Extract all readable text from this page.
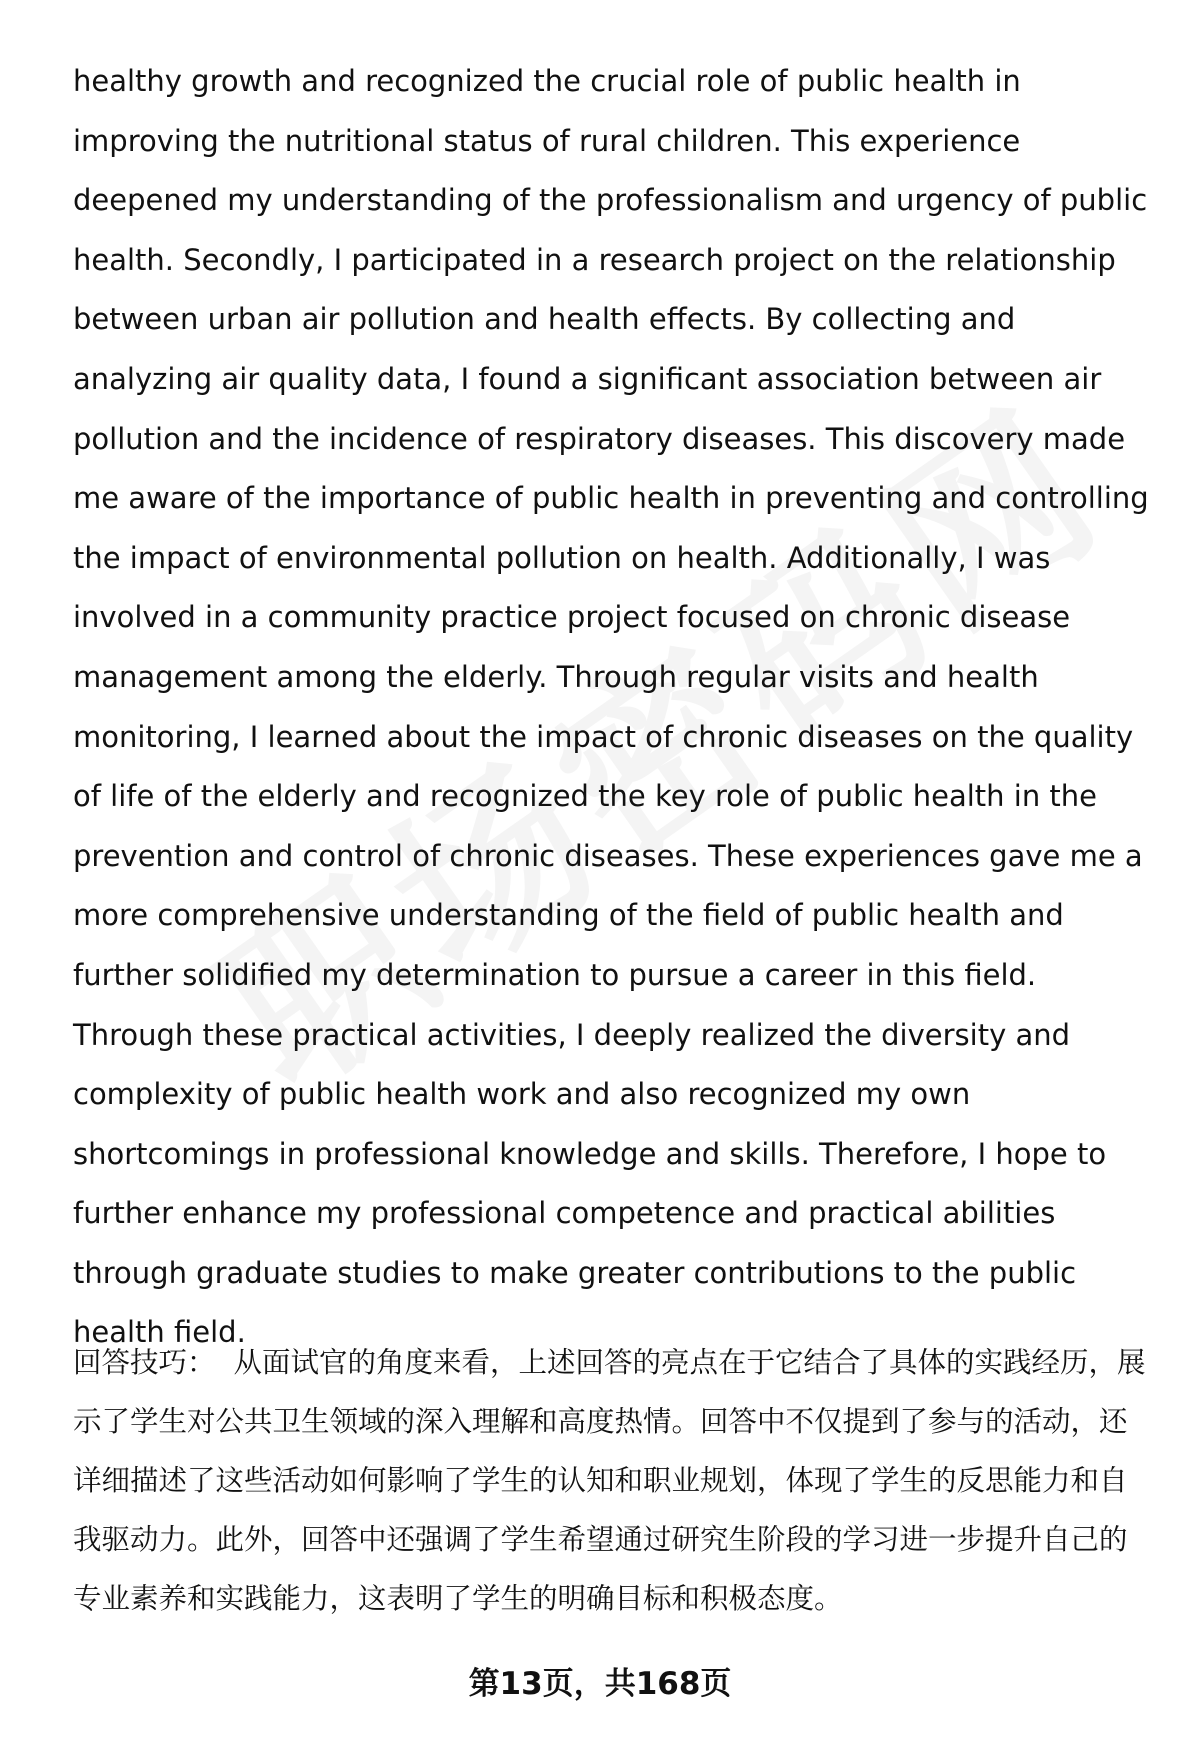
healthy growth and recognized the crucial role of public health in improving the nutritional status of rural children. This experience deepened my understanding of the professionalism and urgency of public health. Secondly, I participated in a research project on the relationship between urban air pollution and health effects. By collecting and analyzing air quality data, I found a significant association between air pollution and the incidence of respiratory diseases. This discovery made me aware of the importance of public health in preventing and controlling the impact of environmental pollution on health. Additionally, I was involved in a community practice project focused on chronic disease management among the elderly. Through regular visits and health monitoring, I learned about the impact of chronic diseases on the quality of life of the elderly and recognized the key role of public health in the prevention and control of chronic diseases. These experiences gave me a more comprehensive understanding of the field of public health and further solidified my determination to pursue a career in this field. Through these practical activities, I deeply realized the diversity and complexity of public health work and also recognized my own shortcomings in professional knowledge and skills. Therefore, I hope to further enhance my professional competence and practical abilities through graduate studies to make greater contributions to the public health field.

回答技巧： 从面试官的角度来看，上述回答的亮点在于它结合了具体的实践经历，展示了学生对公共卫生领域的深入理解和高度热情。回答中不仅提到了参与的活动，还详细描述了这些活动如何影响了学生的认知和职业规划，体现了学生的反思能力和自我驱动力。此外，回答中还强调了学生希望通过研究生阶段的学习进一步提升自己的专业素养和实践能力，这表明了学生的明确目标和积极态度。

第13页，共168页
